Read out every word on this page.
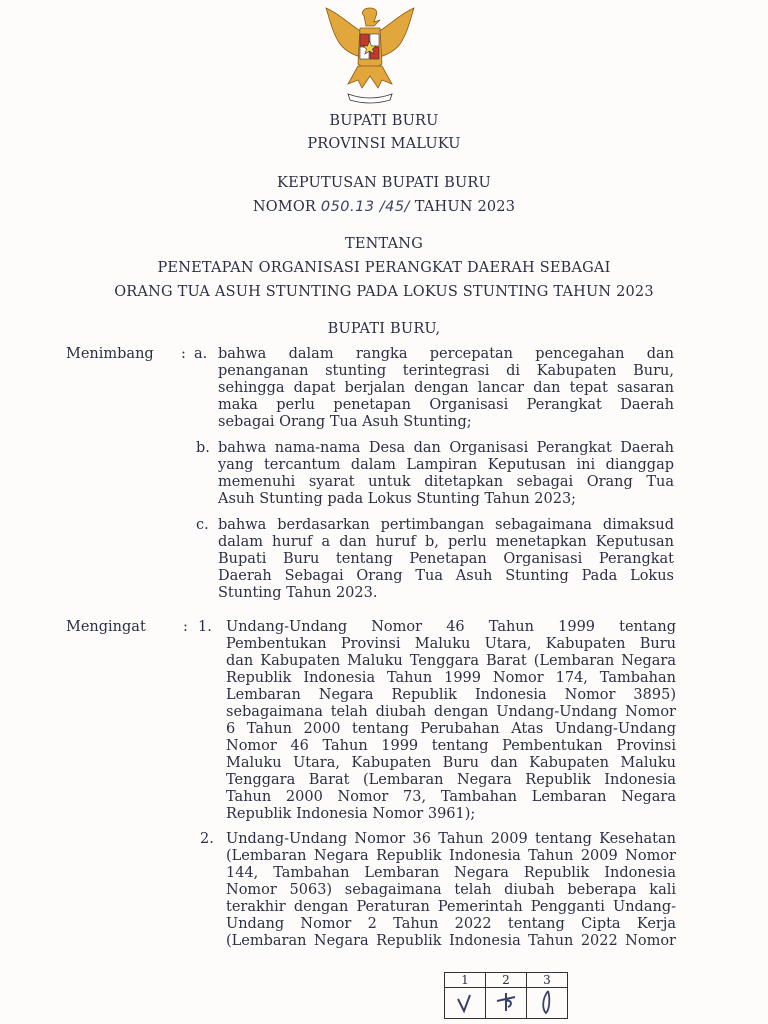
BUPATI BURU
PROVINSI MALUKU
KEPUTUSAN BUPATI BURU
NOMOR 050.13 /45/ TAHUN 2023
TENTANG
PENETAPAN ORGANISASI PERANGKAT DAERAH SEBAGAI
ORANG TUA ASUH STUNTING PADA LOKUS STUNTING TAHUN 2023
BUPATI BURU,
Menimbang : a. bahwa dalam rangka percepatan pencegahan dan
penanganan stunting terintegrasi di Kabupaten Buru,
sehingga dapat berjalan dengan lancar dan tepat sasaran
maka perlu penetapan Organisasi Perangkat Daerah
sebagai Orang Tua Asuh Stunting;
b. bahwa nama-nama Desa dan Organisasi Perangkat Daerah
yang tercantum dalam Lampiran Keputusan ini dianggap
memenuhi syarat untuk ditetapkan sebagai Orang Tua
Asuh Stunting pada Lokus Stunting Tahun 2023;
c. bahwa berdasarkan pertimbangan sebagaimana dimaksud
dalam huruf a dan huruf b, perlu menetapkan Keputusan
Bupati Buru tentang Penetapan Organisasi Perangkat
Daerah Sebagai Orang Tua Asuh Stunting Pada Lokus
Stunting Tahun 2023.
Mengingat	: 1. Undang-Undang Nomor 46 Tahun 1999 tentang
Pembentukan Provinsi Maluku Utara, Kabupaten Buru
dan Kabupaten Maluku Tenggara Barat (Lembaran Negara
Republik Indonesia Tahun 1999 Nomor 174, Tambahan
Lembaran Negara Republik Indonesia Nomor 3895)
sebagaimana telah diubah dengan Undang-Undang Nomor
6 Tahun 2000 tentang Perubahan Atas Undang-Undang
Nomor 46 Tahun 1999 tentang Pembentukan Provinsi
Maluku Utara, Kabupaten Buru dan Kabupaten Maluku
Tenggara Barat (Lembaran Negara Republik Indonesia
Tahun 2000 Nomor 73, Tambahan Lembaran Negara
Republik Indonesia Nomor 3961);
2. Undang-Undang Nomor 36 Tahun 2009 tentang Kesehatan
(Lembaran Negara Republik Indonesia Tahun 2009 Nomor
144, Tambahan Lembaran Negara Republik Indonesia
Nomor 5063) sebagaimana telah diubah beberapa kali
terakhir dengan Peraturan Pemerintah Pengganti Undang-
Undang Nomor 2 Tahun 2022 tentang Cipta Kerja
(Lembaran Negara Republik Indonesia Tahun 2022 Nomor
1	2	3
